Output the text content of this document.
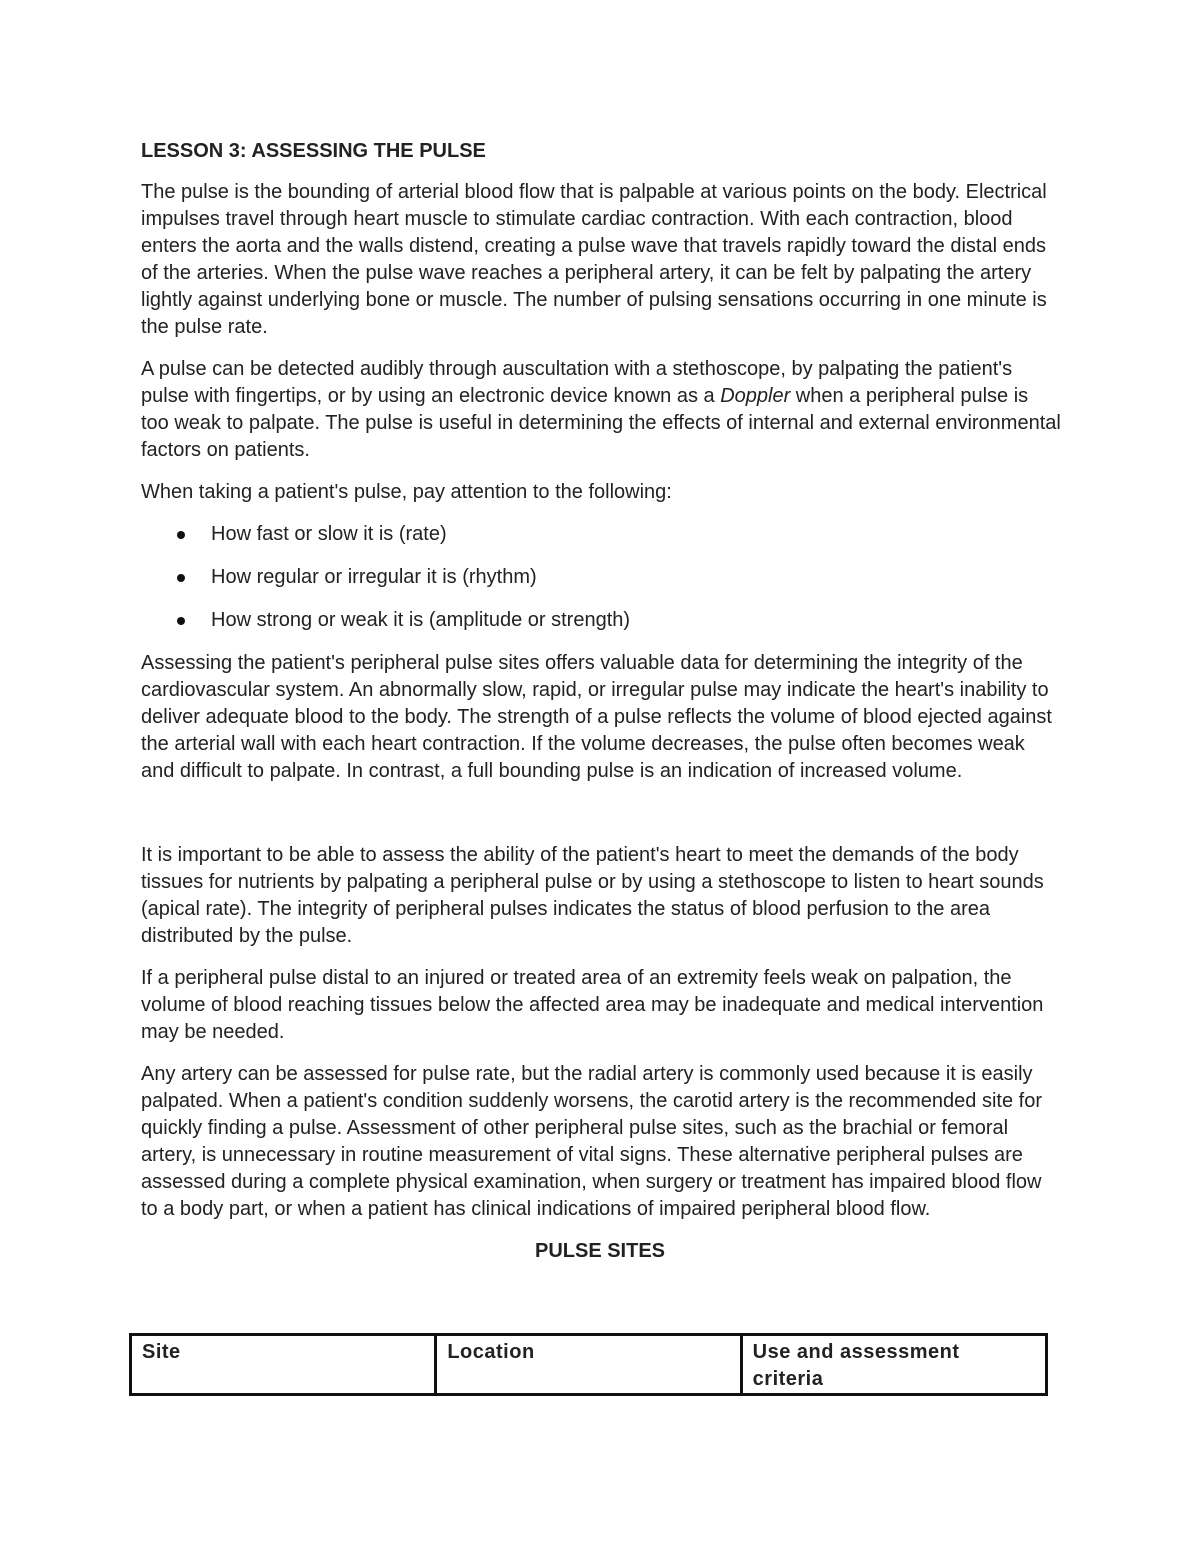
LESSON 3: ASSESSING THE PULSE

The pulse is the bounding of arterial blood flow that is palpable at various points on the body. Electrical impulses travel through heart muscle to stimulate cardiac contraction. With each contraction, blood enters the aorta and the walls distend, creating a pulse wave that travels rapidly toward the distal ends of the arteries. When the pulse wave reaches a peripheral artery, it can be felt by palpating the artery lightly against underlying bone or muscle. The number of pulsing sensations occurring in one minute is the pulse rate.

A pulse can be detected audibly through auscultation with a stethoscope, by palpating the patient's pulse with fingertips, or by using an electronic device known as a Doppler when a peripheral pulse is too weak to palpate. The pulse is useful in determining the effects of internal and external environmental factors on patients.

When taking a patient's pulse, pay attention to the following:

How fast or slow it is (rate)
How regular or irregular it is (rhythm)
How strong or weak it is (amplitude or strength)

Assessing the patient's peripheral pulse sites offers valuable data for determining the integrity of the cardiovascular system. An abnormally slow, rapid, or irregular pulse may indicate the heart's inability to deliver adequate blood to the body. The strength of a pulse reflects the volume of blood ejected against the arterial wall with each heart contraction. If the volume decreases, the pulse often becomes weak and difficult to palpate. In contrast, a full bounding pulse is an indication of increased volume.

It is important to be able to assess the ability of the patient's heart to meet the demands of the body tissues for nutrients by palpating a peripheral pulse or by using a stethoscope to listen to heart sounds (apical rate). The integrity of peripheral pulses indicates the status of blood perfusion to the area distributed by the pulse.

If a peripheral pulse distal to an injured or treated area of an extremity feels weak on palpation, the volume of blood reaching tissues below the affected area may be inadequate and medical intervention may be needed.

Any artery can be assessed for pulse rate, but the radial artery is commonly used because it is easily palpated. When a patient's condition suddenly worsens, the carotid artery is the recommended site for quickly finding a pulse. Assessment of other peripheral pulse sites, such as the brachial or femoral artery, is unnecessary in routine measurement of vital signs. These alternative peripheral pulses are assessed during a complete physical examination, when surgery or treatment has impaired blood flow to a body part, or when a patient has clinical indications of impaired peripheral blood flow.

PULSE SITES
Site	Location	Use and assessment criteria
